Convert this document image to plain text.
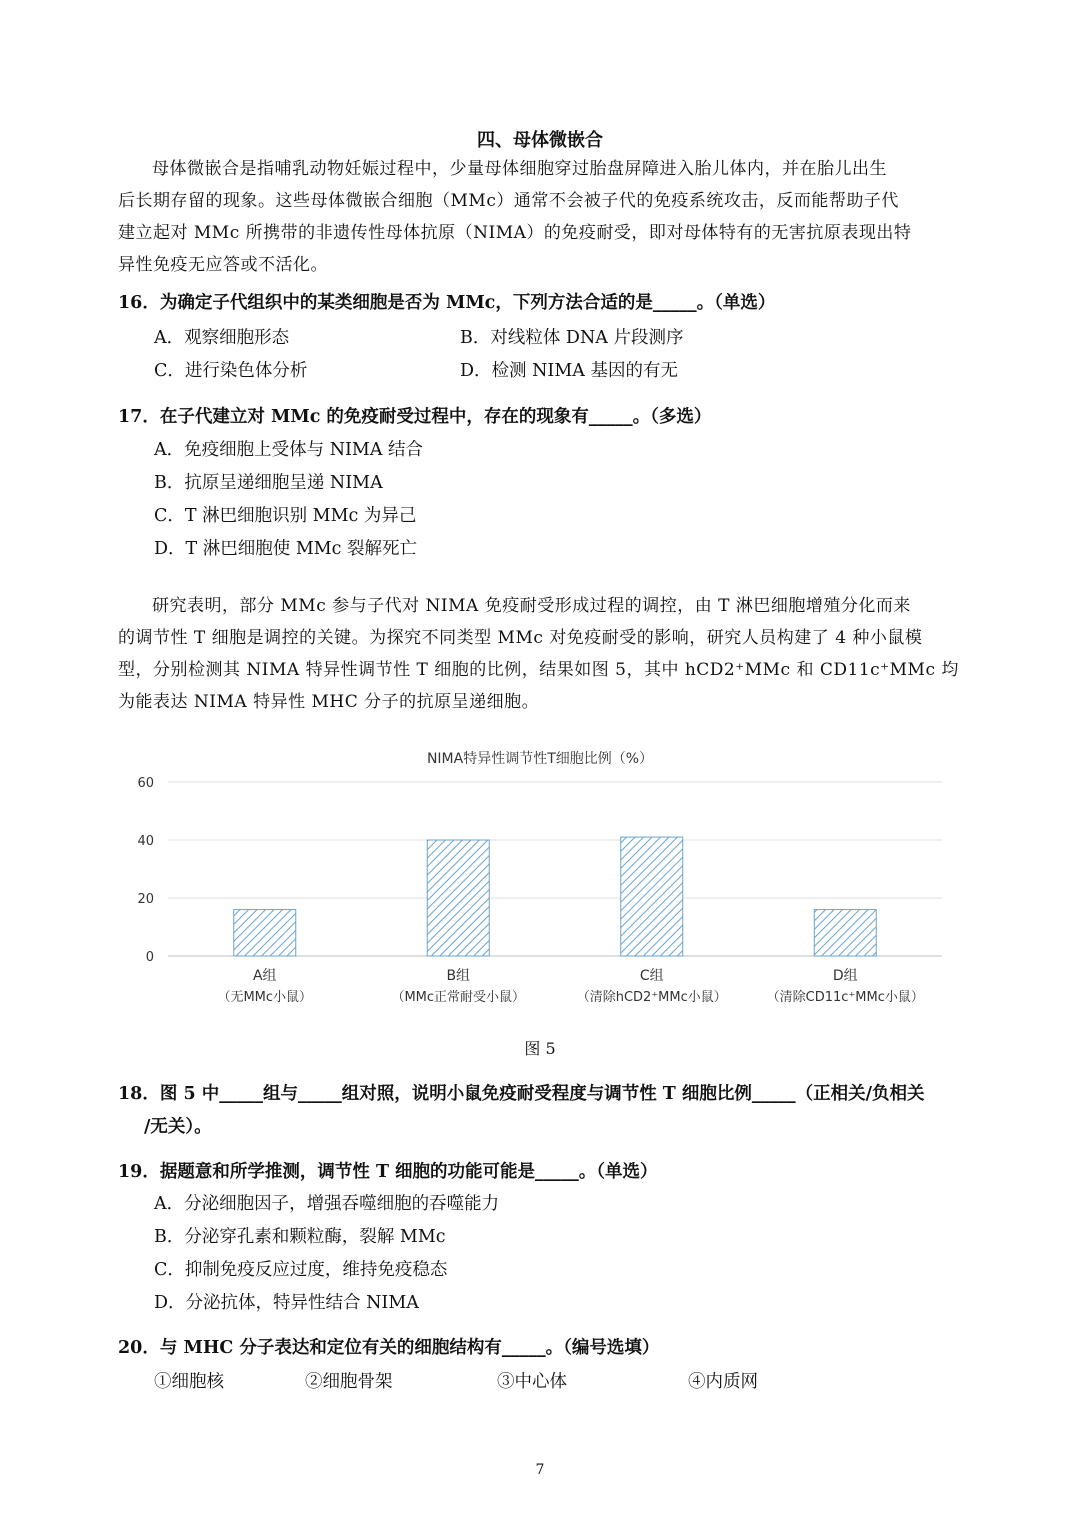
四、母体微嵌合
母体微嵌合是指哺乳动物妊娠过程中，少量母体细胞穿过胎盘屏障进入胎儿体内，并在胎儿出生
后长期存留的现象。这些母体微嵌合细胞（MMc）通常不会被子代的免疫系统攻击，反而能帮助子代
建立起对 MMc 所携带的非遗传性母体抗原（NIMA）的免疫耐受，即对母体特有的无害抗原表现出特
异性免疫无应答或不活化。
16．为确定子代组织中的某类细胞是否为 MMc，下列方法合适的是_____。（单选）
A．观察细胞形态	B．对线粒体 DNA 片段测序
C．进行染色体分析	D．检测 NIMA 基因的有无
17．在子代建立对 MMc 的免疫耐受过程中，存在的现象有_____。（多选）
A．免疫细胞上受体与 NIMA 结合
B．抗原呈递细胞呈递 NIMA
C．T 淋巴细胞识别 MMc 为异己
D．T 淋巴细胞使 MMc 裂解死亡
研究表明，部分 MMc 参与子代对 NIMA 免疫耐受形成过程的调控，由 T 淋巴细胞增殖分化而来
的调节性 T 细胞是调控的关键。为探究不同类型 MMc 对免疫耐受的影响，研究人员构建了 4 种小鼠模
型，分别检测其 NIMA 特异性调节性 T 细胞的比例，结果如图 5，其中 hCD2⁺MMc 和 CD11c⁺MMc 均
为能表达 NIMA 特异性 MHC 分子的抗原呈递细胞。
NIMA特异性调节性T细胞比例（%）
0
20
40
60
A组
（无MMc小鼠）
B组
（MMc正常耐受小鼠）
C组
（清除hCD2⁺MMc小鼠）
D组
（清除CD11c⁺MMc小鼠）
图 5
18．图 5 中_____组与_____组对照，说明小鼠免疫耐受程度与调节性 T 细胞比例_____（正相关/负相关
/无关）。
19．据题意和所学推测，调节性 T 细胞的功能可能是_____。（单选）
A．分泌细胞因子，增强吞噬细胞的吞噬能力
B．分泌穿孔素和颗粒酶，裂解 MMc
C．抑制免疫反应过度，维持免疫稳态
D．分泌抗体，特异性结合 NIMA
20．与 MHC 分子表达和定位有关的细胞结构有_____。（编号选填）
①细胞核	②细胞骨架	③中心体	④内质网
7
